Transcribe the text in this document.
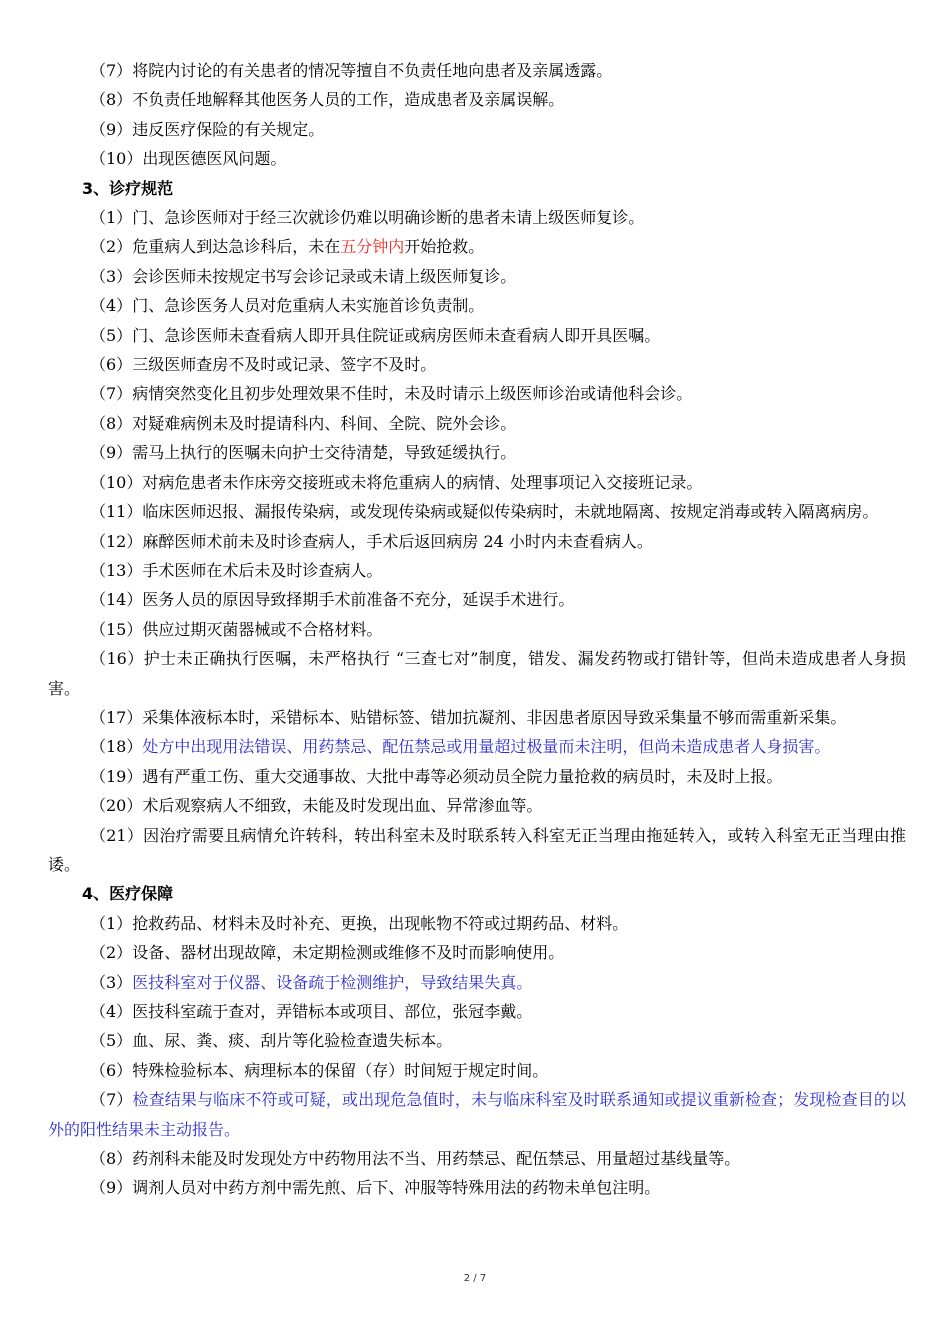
（7）将院内讨论的有关患者的情况等擅自不负责任地向患者及亲属透露。

（8）不负责任地解释其他医务人员的工作，造成患者及亲属误解。

（9）违反医疗保险的有关规定。

（10）出现医德医风问题。

3、诊疗规范

（1）门、急诊医师对于经三次就诊仍难以明确诊断的患者未请上级医师复诊。

（2）危重病人到达急诊科后，未在五分钟内开始抢救。

（3）会诊医师未按规定书写会诊记录或未请上级医师复诊。

（4）门、急诊医务人员对危重病人未实施首诊负责制。

（5）门、急诊医师未查看病人即开具住院证或病房医师未查看病人即开具医嘱。

（6）三级医师查房不及时或记录、签字不及时。

（7）病情突然变化且初步处理效果不佳时，未及时请示上级医师诊治或请他科会诊。

（8）对疑难病例未及时提请科内、科间、全院、院外会诊。

（9）需马上执行的医嘱未向护士交待清楚，导致延缓执行。

（10）对病危患者未作床旁交接班或未将危重病人的病情、处理事项记入交接班记录。

（11）临床医师迟报、漏报传染病，或发现传染病或疑似传染病时，未就地隔离、按规定消毒或转入隔离病房。

（12）麻醉医师术前未及时诊查病人，手术后返回病房 24 小时内未查看病人。

（13）手术医师在术后未及时诊查病人。

（14）医务人员的原因导致择期手术前准备不充分，延误手术进行。

（15）供应过期灭菌器械或不合格材料。

（16）护士未正确执行医嘱，未严格执行 “三查七对”制度，错发、漏发药物或打错针等，但尚未造成患者人身损害。

（17）采集体液标本时，采错标本、贴错标签、错加抗凝剂、非因患者原因导致采集量不够而需重新采集。

（18）处方中出现用法错误、用药禁忌、配伍禁忌或用量超过极量而未注明，但尚未造成患者人身损害。

（19）遇有严重工伤、重大交通事故、大批中毒等必须动员全院力量抢救的病员时，未及时上报。

（20）术后观察病人不细致，未能及时发现出血、异常渗血等。

（21）因治疗需要且病情允许转科，转出科室未及时联系转入科室无正当理由拖延转入，或转入科室无正当理由推诿。

4、医疗保障

（1）抢救药品、材料未及时补充、更换，出现帐物不符或过期药品、材料。

（2）设备、器材出现故障，未定期检测或维修不及时而影响使用。

（3）医技科室对于仪器、设备疏于检测维护，导致结果失真。

（4）医技科室疏于查对，弄错标本或项目、部位，张冠李戴。

（5）血、尿、粪、痰、刮片等化验检查遗失标本。

（6）特殊检验标本、病理标本的保留（存）时间短于规定时间。

（7）检查结果与临床不符或可疑，或出现危急值时，未与临床科室及时联系通知或提议重新检查；发现检查目的以外的阳性结果未主动报告。

（8）药剂科未能及时发现处方中药物用法不当、用药禁忌、配伍禁忌、用量超过基线量等。

（9）调剂人员对中药方剂中需先煎、后下、冲服等特殊用法的药物未单包注明。

2 / 7
